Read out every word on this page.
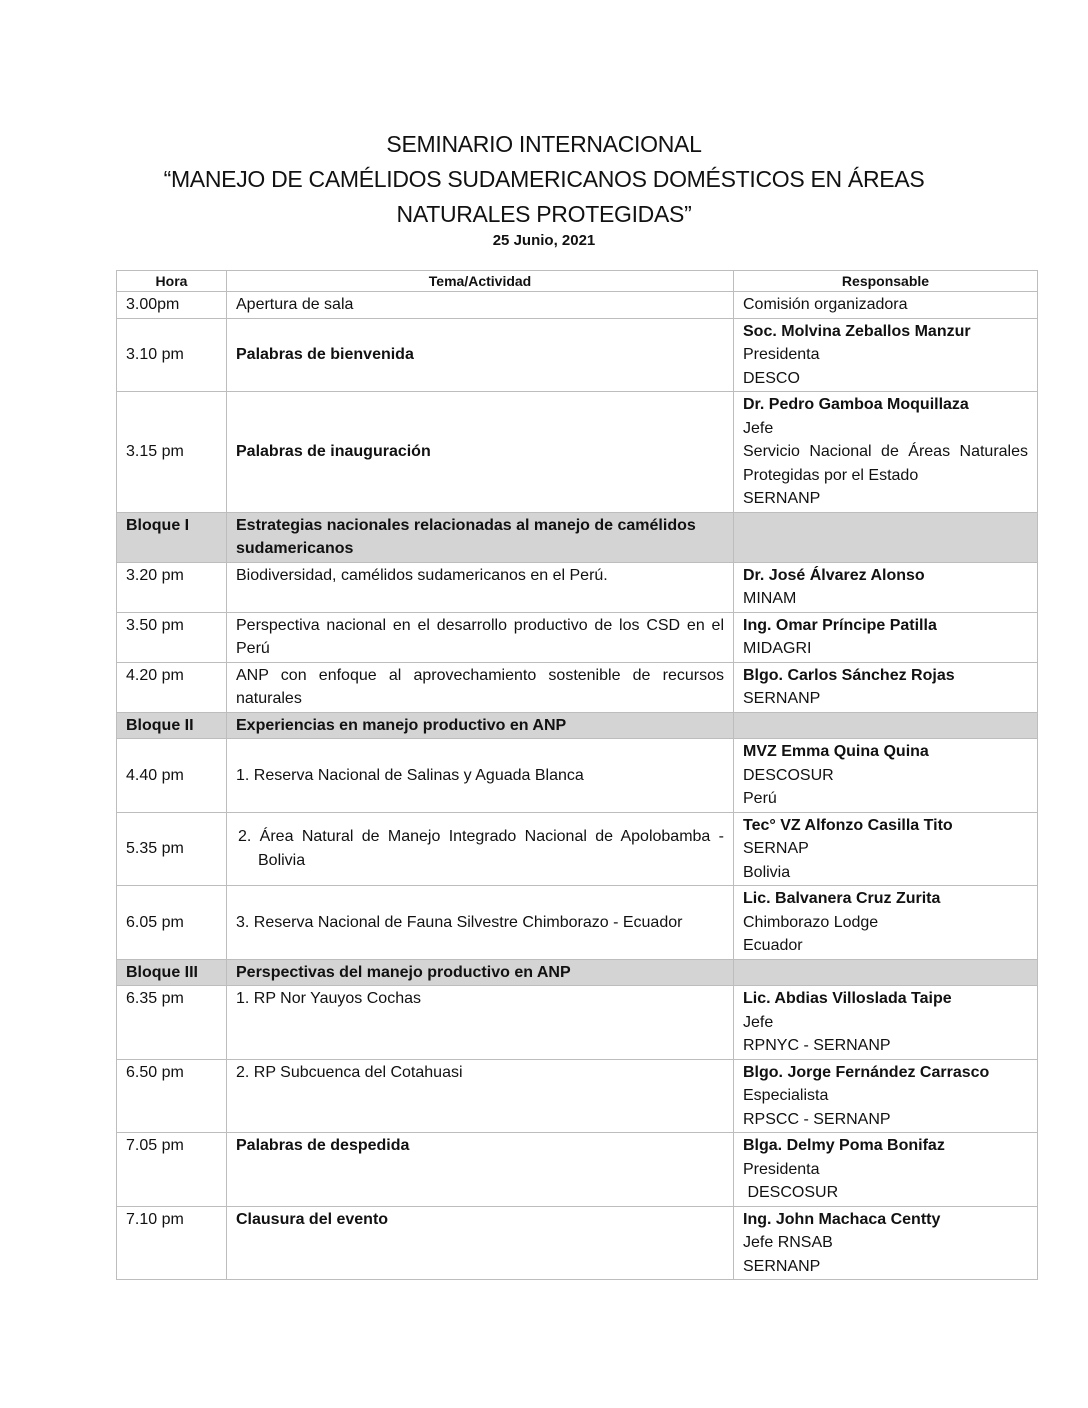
SEMINARIO INTERNACIONAL
“MANEJO DE CAMÉLIDOS SUDAMERICANOS DOMÉSTICOS EN ÁREAS
NATURALES PROTEGIDAS”
25 Junio, 2021
Hora	Tema/Actividad	Responsable
3.00pm	Apertura de sala	Comisión organizadora

3.10 pm	Palabras de bienvenida	Soc. Molvina Zeballos Manzur
Presidenta
DESCO

3.15 pm	Palabras de inauguración	Dr. Pedro Gamboa Moquillaza
Jefe
Servicio Nacional de Áreas Naturales Protegidas por el Estado
SERNANP

Bloque I	Estrategias nacionales relacionadas al manejo de camélidos sudamericanos	
3.20 pm	Biodiversidad, camélidos sudamericanos en el Perú.	Dr. José Álvarez Alonso
MINAM

3.50 pm	Perspectiva nacional en el desarrollo productivo de los CSD en el Perú	Ing. Omar Príncipe Patilla
MIDAGRI

4.20 pm	ANP con enfoque al aprovechamiento sostenible de recursos naturales	Blgo. Carlos Sánchez Rojas
SERNANP

Bloque II	Experiencias en manejo productivo en ANP	
4.40 pm	1. Reserva Nacional de Salinas y Aguada Blanca	MVZ Emma Quina Quina
DESCOSUR
Perú

5.35 pm	2. Área Natural de Manejo Integrado Nacional de Apolobamba - Bolivia	Tec° VZ Alfonzo Casilla Tito
SERNAP
Bolivia

6.05 pm	3. Reserva Nacional de Fauna Silvestre Chimborazo - Ecuador	Lic. Balvanera Cruz Zurita
Chimborazo Lodge
Ecuador

Bloque III	Perspectivas del manejo productivo en ANP	
6.35 pm	1. RP Nor Yauyos Cochas	Lic. Abdias Villoslada Taipe
Jefe
RPNYC - SERNANP

6.50 pm	2. RP Subcuenca del Cotahuasi	Blgo. Jorge Fernández Carrasco
Especialista
RPSCC - SERNANP

7.05 pm	Palabras de despedida	Blga. Delmy Poma Bonifaz
Presidenta
DESCOSUR

7.10 pm	Clausura del evento	Ing. John Machaca Centty
Jefe RNSAB
SERNANP
